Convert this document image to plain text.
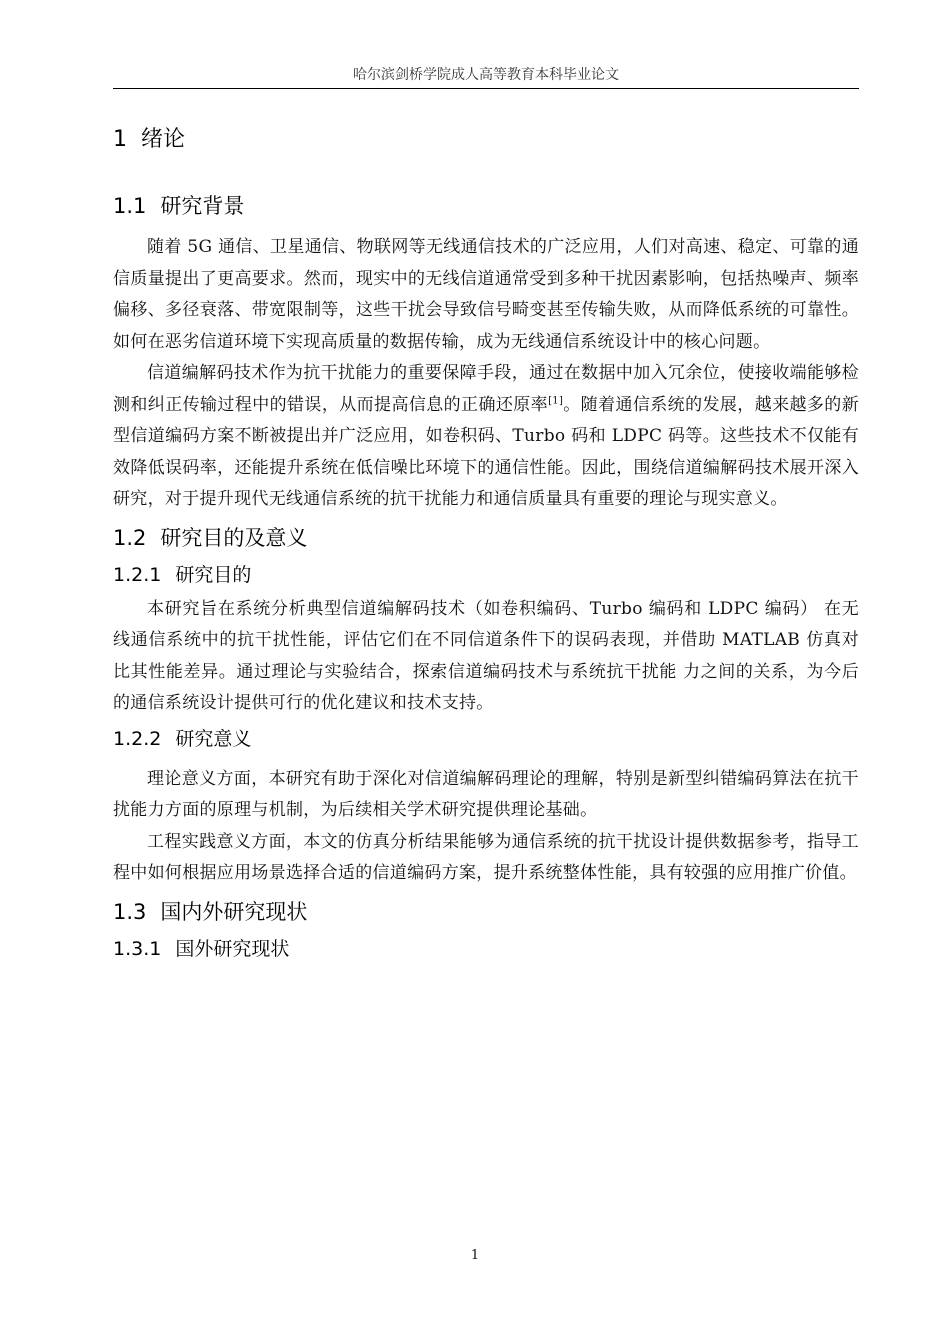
哈尔滨剑桥学院成人高等教育本科毕业论文
1 绪论
1.1 研究背景

随着 5G 通信、卫星通信、物联网等无线通信技术的广泛应用，人们对高速、稳定、可靠的通信质量提出了更高要求。然而，现实中的无线信道通常受到多种干扰因素影响，包括热噪声、频率偏移、多径衰落、带宽限制等，这些干扰会导致信号畸变甚至传输失败，从而降低系统的可靠性。如何在恶劣信道环境下实现高质量的数据传输，成为无线通信系统设计中的核心问题。

信道编解码技术作为抗干扰能力的重要保障手段，通过在数据中加入冗余位，使接收端能够检测和纠正传输过程中的错误，从而提高信息的正确还原率[1]。随着通信系统的发展，越来越多的新型信道编码方案不断被提出并广泛应用，如卷积码、Turbo 码和 LDPC 码等。这些技术不仅能有效降低误码率，还能提升系统在低信噪比环境下的通信性能。因此，围绕信道编解码技术展开深入研究，对于提升现代无线通信系统的抗干扰能力和通信质量具有重要的理论与现实意义。

1.2 研究目的及意义
1.2.1 研究目的

本研究旨在系统分析典型信道编解码技术（如卷积编码、Turbo 编码和 LDPC 编码） 在无线通信系统中的抗干扰性能，评估它们在不同信道条件下的误码表现，并借助 MATLAB 仿真对比其性能差异。通过理论与实验结合，探索信道编码技术与系统抗干扰能 力之间的关系，为今后的通信系统设计提供可行的优化建议和技术支持。

1.2.2 研究意义

理论意义方面，本研究有助于深化对信道编解码理论的理解，特别是新型纠错编码算法在抗干扰能力方面的原理与机制，为后续相关学术研究提供理论基础。

工程实践意义方面，本文的仿真分析结果能够为通信系统的抗干扰设计提供数据参考，指导工程中如何根据应用场景选择合适的信道编码方案，提升系统整体性能，具有较强的应用推广价值。

1.3 国内外研究现状
1.3.1 国外研究现状
1
